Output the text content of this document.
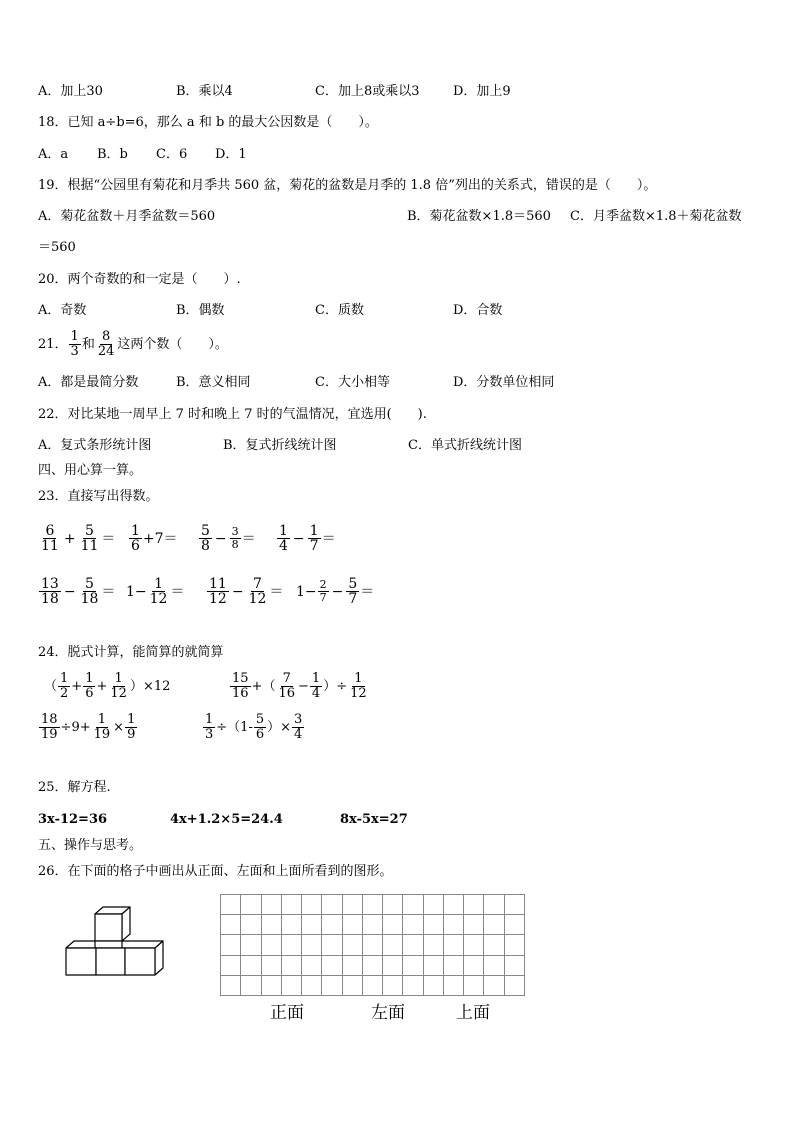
A．加上30	B．乘以4	C．加上8或乘以3	D．加上9
18．已知 a÷b=6，那么 a 和 b 的最大公因数是（　　）。
A．a B．b C．6 D．1
19．根据“公园里有菊花和月季共 560 盆，菊花的盆数是月季的 1.8 倍”列出的关系式，错误的是（　　）。
A．菊花盆数＋月季盆数＝560	B．菊花盆数×1.8＝560 C．月季盆数×1.8＋菊花盆数
＝560
20．两个奇数的和一定是（　　）.
A．奇数	B．偶数	C．质数	D．合数
21． $\frac{1}{3}$ 和 $\frac{8}{24}$ 这两个数（　　）。
A．都是最简分数	B．意义相同	C．大小相等	D．分数单位相同
22．对比某地一周早上 7 时和晚上 7 时的气温情况，宜选用(　　).
A．复式条形统计图	B．复式折线统计图	C．单式折线统计图
四、用心算一算。
23．直接写出得数。
$\frac{6}{11} + \frac{5}{11} = \frac{1}{6} +7= \frac{5}{8} - \frac{3}{8} = \frac{1}{4} - \frac{1}{7}$ ＝
$\frac{13}{18} - \frac{5}{18} = 1- \frac{1}{12} = \frac{11}{12} - \frac{7}{12} = 1- \frac{2}{7} - \frac{5}{7}$ ＝
24．脱式计算，能简算的就简算
（ $\frac{1}{2} + \frac{1}{6} + \frac{1}{12} )\times 12$	$\frac{15}{16}$ +（ $\frac{7}{16} - \frac{1}{4}$ ）÷ $\frac{1}{12}$
$\frac{18}{19} \div 9+ \frac{1}{19} \times \frac{1}{9}$	$\frac{1}{3} \div(1- \frac{5}{6}$ ）× $\frac{3}{4}$
25．解方程.
3x-12=36	4x+1.2×5=24.4	8x-5x=27
五、操作与思考。
26．在下面的格子中画出从正面、左面和上面所看到的图形。
正面	左面	上面
